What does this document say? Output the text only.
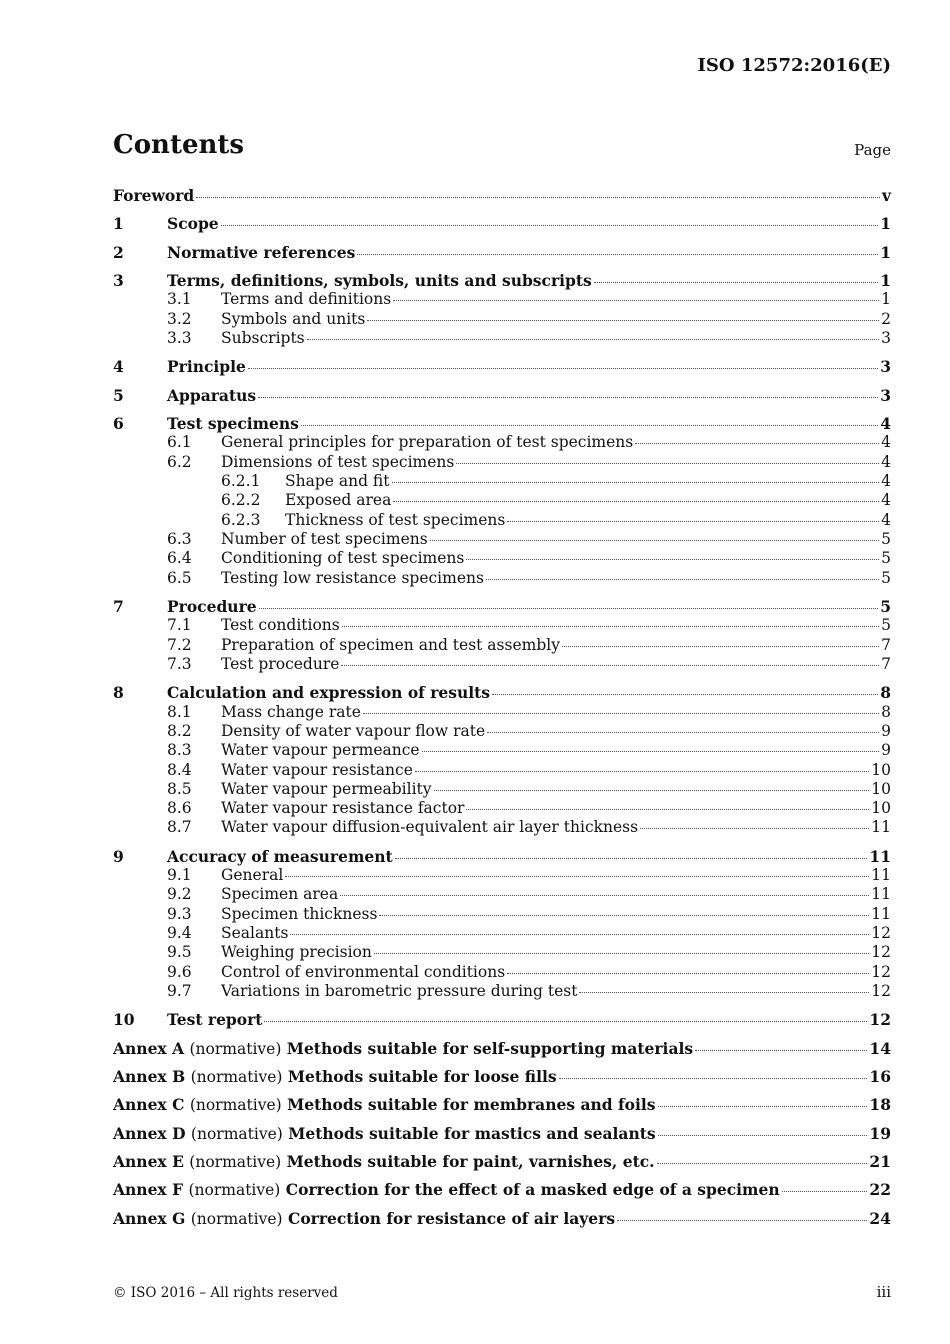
ISO 12572:2016(E)
Contents	Page
Foreword	v
1	Scope	1
2	Normative references	1
3	Terms, definitions, symbols, units and subscripts	1
3.1 Terms and definitions	1
3.2 Symbols and units	2
3.3 Subscripts	3
4	Principle	3
5	Apparatus	3
6	Test specimens	4
6.1 General principles for preparation of test specimens	4
6.2 Dimensions of test specimens	4
6.2.1 Shape and fit	4
6.2.2 Exposed area	4
6.2.3 Thickness of test specimens	4
6.3 Number of test specimens	5
6.4 Conditioning of test specimens	5
6.5 Testing low resistance specimens	5
7	Procedure	5
7.1 Test conditions	5
7.2 Preparation of specimen and test assembly	7
7.3 Test procedure	7
8	Calculation and expression of results	8
8.1 Mass change rate	8
8.2 Density of water vapour flow rate	9
8.3 Water vapour permeance	9
8.4 Water vapour resistance	10
8.5 Water vapour permeability	10
8.6 Water vapour resistance factor	10
8.7 Water vapour diffusion-equivalent air layer thickness	11
9	Accuracy of measurement	11
9.1 General	11
9.2 Specimen area	11
9.3 Specimen thickness	11
9.4 Sealants	12
9.5 Weighing precision	12
9.6 Control of environmental conditions	12
9.7 Variations in barometric pressure during test	12
10 Test report	12
Annex A (normative) Methods suitable for self-supporting materials	14
Annex B (normative) Methods suitable for loose fills	16
Annex C (normative) Methods suitable for membranes and foils	18
Annex D (normative) Methods suitable for mastics and sealants	19
Annex E (normative) Methods suitable for paint, varnishes, etc.	21
Annex F (normative) Correction for the effect of a masked edge of a specimen	22
Annex G (normative) Correction for resistance of air layers	24
© ISO 2016 – All rights reserved	iii
